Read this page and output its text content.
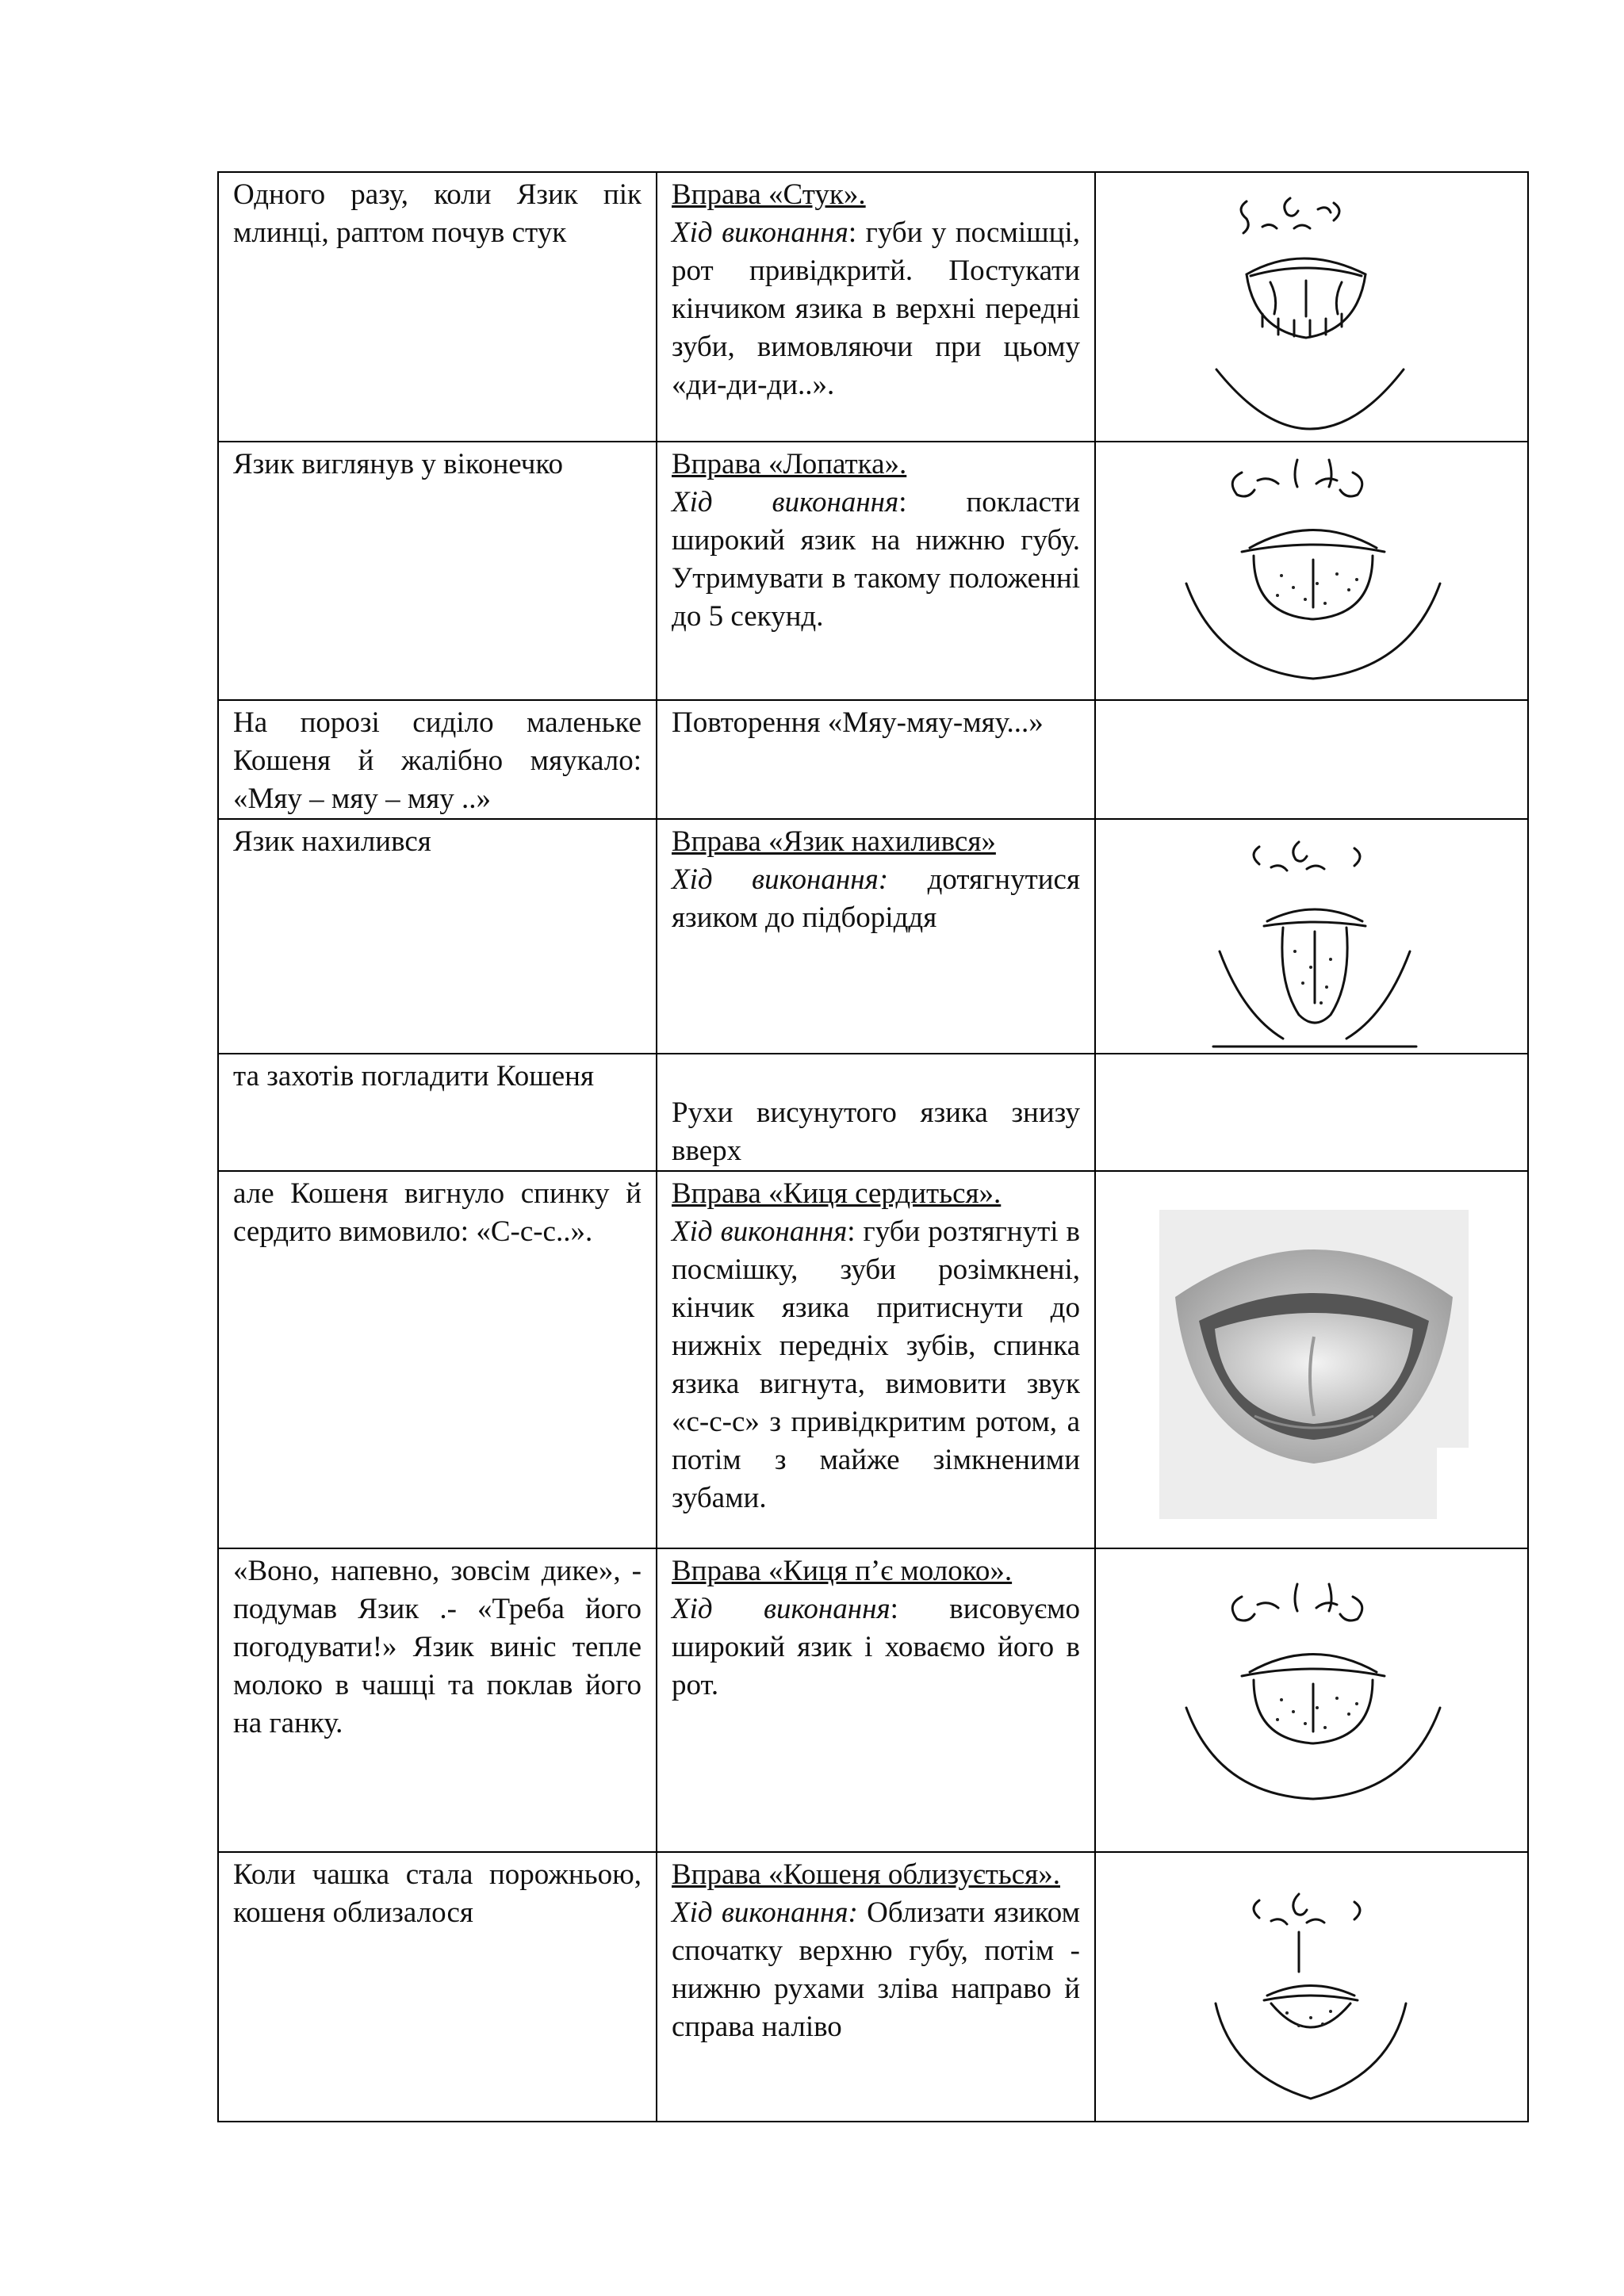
Одного разу, коли Язик пік млинці, раптом почув стук	Вправа «Стук».
Хід виконання: губи у посмішці, рот привідкритй. Постукати кінчиком язика в верхні передні зуби, вимовляючи при цьому «ди-ди-ди..».

Язик виглянув у віконечко	Вправа «Лопатка».
Хід виконання: покласти широкий язик на нижню губу. Утримувати в такому положенні до 5 секунд.

На порозі сиділо маленьке Кошеня й жалібно мяукало: «Мяу – мяу – мяу ..»	Повторення «Мяу-мяу-мяу...»	

Язик нахилився	Вправа «Язик нахилився»
Хід виконання: дотягнутися язиком до підборіддя

та захотів погладити Кошеня	Рухи висунутого язика знизу вверх	

але Кошеня вигнуло спинку й сердито вимовило: «С-с-с..».	Вправа «Киця сердиться».
Хід виконання: губи розтягнуті в посмішку, зуби розімкнені, кінчик язика притиснути до нижніх передніх зубів, спинка язика вигнута, вимовити звук «с-с-с» з привідкритим ротом, а потім з майже зімкненими зубами.

«Воно, напевно, зовсім дике», - подумав Язик .- «Треба його погодувати!» Язик виніс тепле молоко в чашці та поклав його на ганку.	Вправа «Киця п’є молоко».
Хід виконання: висовуємо широкий язик і ховаємо його в рот.

Коли чашка стала порожньою, кошеня облизалося	Вправа «Кошеня облизується».
Хід виконання: Облизати язиком спочатку верхню губу, потім - нижню рухами зліва направо й справа наліво
